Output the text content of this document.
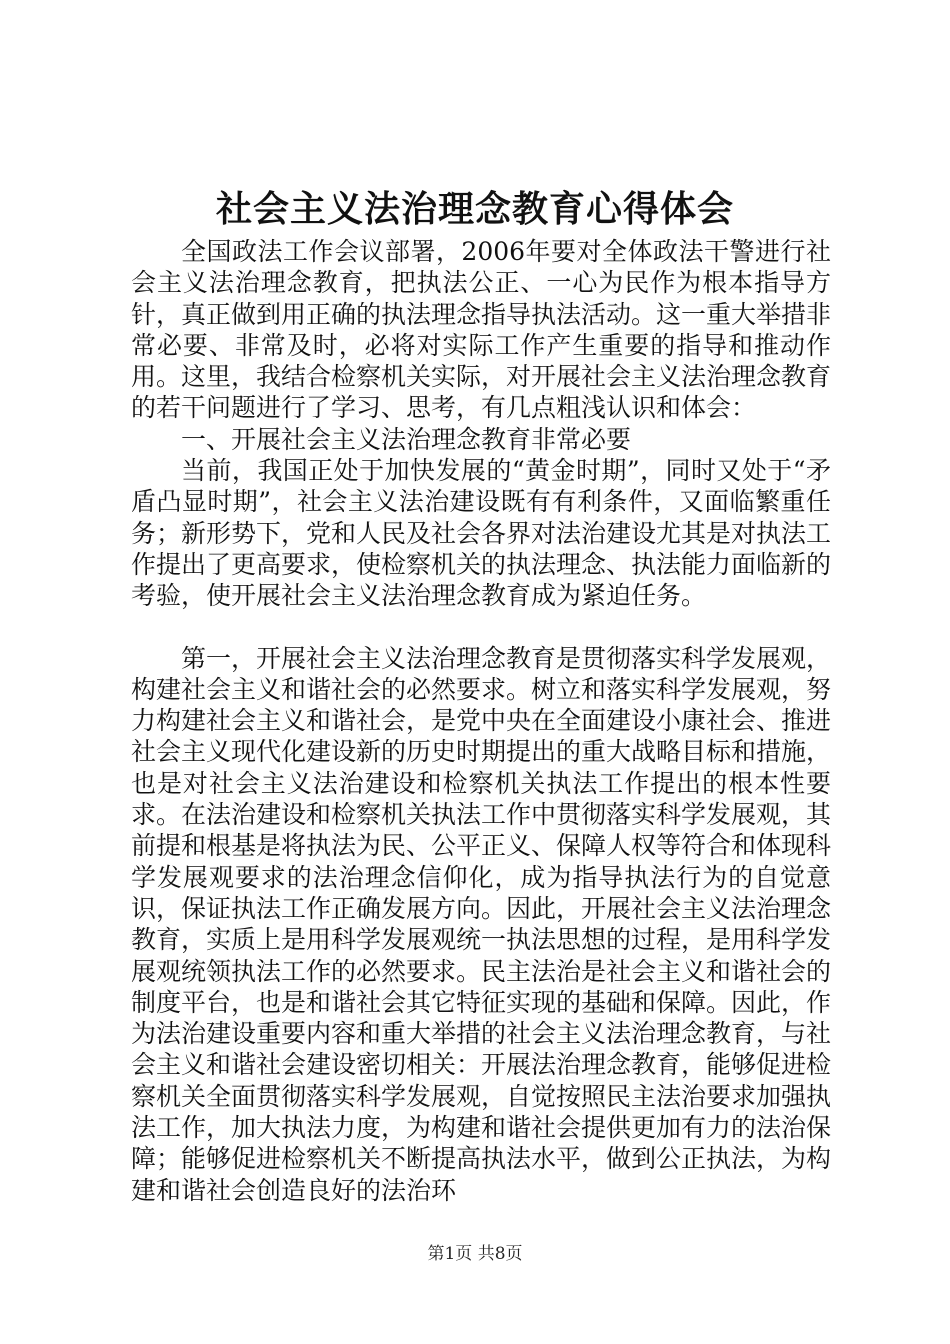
社会主义法治理念教育心得体会

全国政法工作会议部署，2006年要对全体政法干警进行社会主义法治理念教育，把执法公正、一心为民作为根本指导方针，真正做到用正确的执法理念指导执法活动。这一重大举措非常必要、非常及时，必将对实际工作产生重要的指导和推动作用。这里，我结合检察机关实际，对开展社会主义法治理念教育的若干问题进行了学习、思考，有几点粗浅认识和体会：

一、开展社会主义法治理念教育非常必要

当前，我国正处于加快发展的“黄金时期”，同时又处于“矛盾凸显时期”，社会主义法治建设既有有利条件，又面临繁重任务；新形势下，党和人民及社会各界对法治建设尤其是对执法工作提出了更高要求，使检察机关的执法理念、执法能力面临新的考验，使开展社会主义法治理念教育成为紧迫任务。

第一，开展社会主义法治理念教育是贯彻落实科学发展观，构建社会主义和谐社会的必然要求。树立和落实科学发展观，努力构建社会主义和谐社会，是党中央在全面建设小康社会、推进社会主义现代化建设新的历史时期提出的重大战略目标和措施，也是对社会主义法治建设和检察机关执法工作提出的根本性要求。在法治建设和检察机关执法工作中贯彻落实科学发展观，其前提和根基是将执法为民、公平正义、保障人权等符合和体现科学发展观要求的法治理念信仰化，成为指导执法行为的自觉意识，保证执法工作正确发展方向。因此，开展社会主义法治理念教育，实质上是用科学发展观统一执法思想的过程，是用科学发展观统领执法工作的必然要求。民主法治是社会主义和谐社会的制度平台，也是和谐社会其它特征实现的基础和保障。因此，作为法治建设重要内容和重大举措的社会主义法治理念教育，与社会主义和谐社会建设密切相关：开展法治理念教育，能够促进检察机关全面贯彻落实科学发展观，自觉按照民主法治要求加强执法工作，加大执法力度，为构建和谐社会提供更加有力的法治保障；能够促进检察机关不断提高执法水平，做到公正执法，为构建和谐社会创造良好的法治环

第1页 共8页
